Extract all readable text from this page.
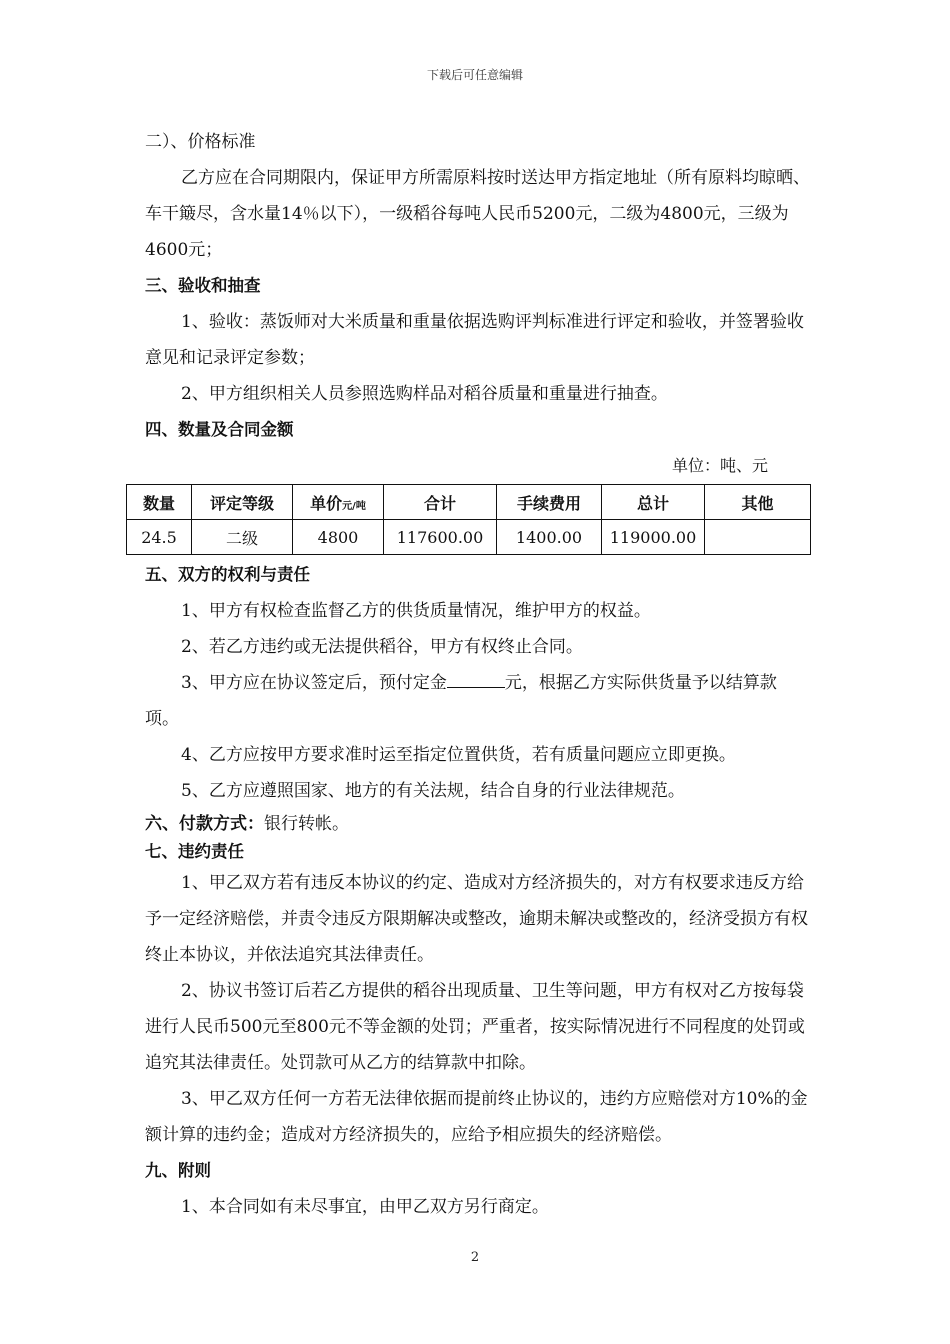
下载后可任意编辑

二）、价格标准

乙方应在合同期限内，保证甲方所需原料按时送达甲方指定地址（所有原料均晾晒、车干簸尽，含水量14％以下），一级稻谷每吨人民币5200元，二级为4800元，三级为4600元；

三、验收和抽查

1、验收：蒸饭师对大米质量和重量依据选购评判标准进行评定和验收，并签署验收意见和记录评定参数；

2、甲方组织相关人员参照选购样品对稻谷质量和重量进行抽查。

四、数量及合同金额

单位：吨、元

数量	评定等级	单价元/吨	合计	手续费用	总计	其他
24.5	二级	4800	117600.00	1400.00	119000.00	

五、双方的权利与责任

1、甲方有权检查监督乙方的供货质量情况，维护甲方的权益。

2、若乙方违约或无法提供稻谷，甲方有权终止合同。

3、甲方应在协议签定后，预付定金	元，根据乙方实际供货量予以结算款项。

4、乙方应按甲方要求准时运至指定位置供货，若有质量问题应立即更换。

5、乙方应遵照国家、地方的有关法规，结合自身的行业法律规范。

六、付款方式：银行转帐。

七、违约责任

1、甲乙双方若有违反本协议的约定、造成对方经济损失的，对方有权要求违反方给予一定经济赔偿，并责令违反方限期解决或整改，逾期未解决或整改的，经济受损方有权终止本协议，并依法追究其法律责任。

2、协议书签订后若乙方提供的稻谷出现质量、卫生等问题，甲方有权对乙方按每袋进行人民币500元至800元不等金额的处罚；严重者，按实际情况进行不同程度的处罚或追究其法律责任。处罚款可从乙方的结算款中扣除。

3、甲乙双方任何一方若无法律依据而提前终止协议的，违约方应赔偿对方10%的金额计算的违约金；造成对方经济损失的，应给予相应损失的经济赔偿。

九、附则

1、本合同如有未尽事宜，由甲乙双方另行商定。

2
